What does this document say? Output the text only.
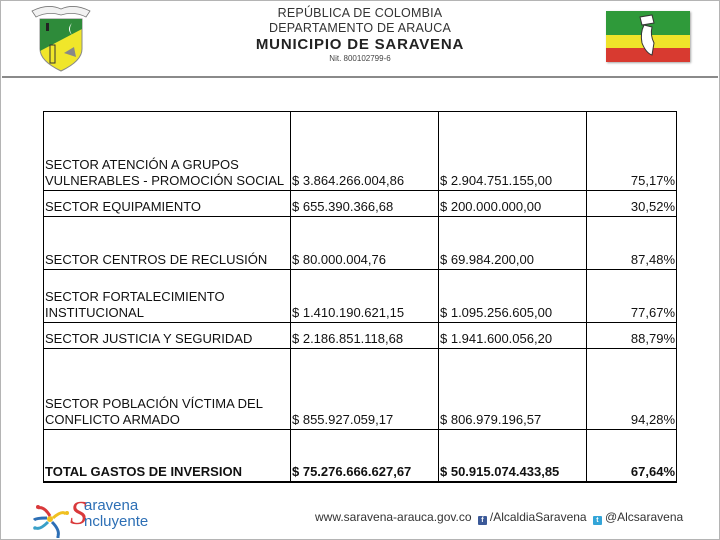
REPÚBLICA DE COLOMBIA
DEPARTAMENTO DE ARAUCA
MUNICIPIO DE SARAVENA
Nit. 800102799-6
SECTOR ATENCIÓN A GRUPOS VULNERABLES - PROMOCIÓN SOCIAL	$ 3.864.266.004,86	$ 2.904.751.155,00	75,17%
SECTOR EQUIPAMIENTO	$ 655.390.366,68	$ 200.000.000,00	30,52%
SECTOR CENTROS DE RECLUSIÓN	$ 80.000.004,76	$ 69.984.200,00	87,48%
SECTOR FORTALECIMIENTO INSTITUCIONAL	$ 1.410.190.621,15	$ 1.095.256.605,00	77,67%
SECTOR JUSTICIA Y SEGURIDAD	$ 2.186.851.118,68	$ 1.941.600.056,20	88,79%
SECTOR POBLACIÓN VÍCTIMA DEL CONFLICTO ARMADO	$ 855.927.059,17	$ 806.979.196,57	94,28%
TOTAL GASTOS DE INVERSION	$ 75.276.666.627,67	$ 50.915.074.433,85	67,64%
S
aravena
ncluyente	www.saravena-arauca.gov.co f /AlcaldiaSaravena t @Alcsaravena
